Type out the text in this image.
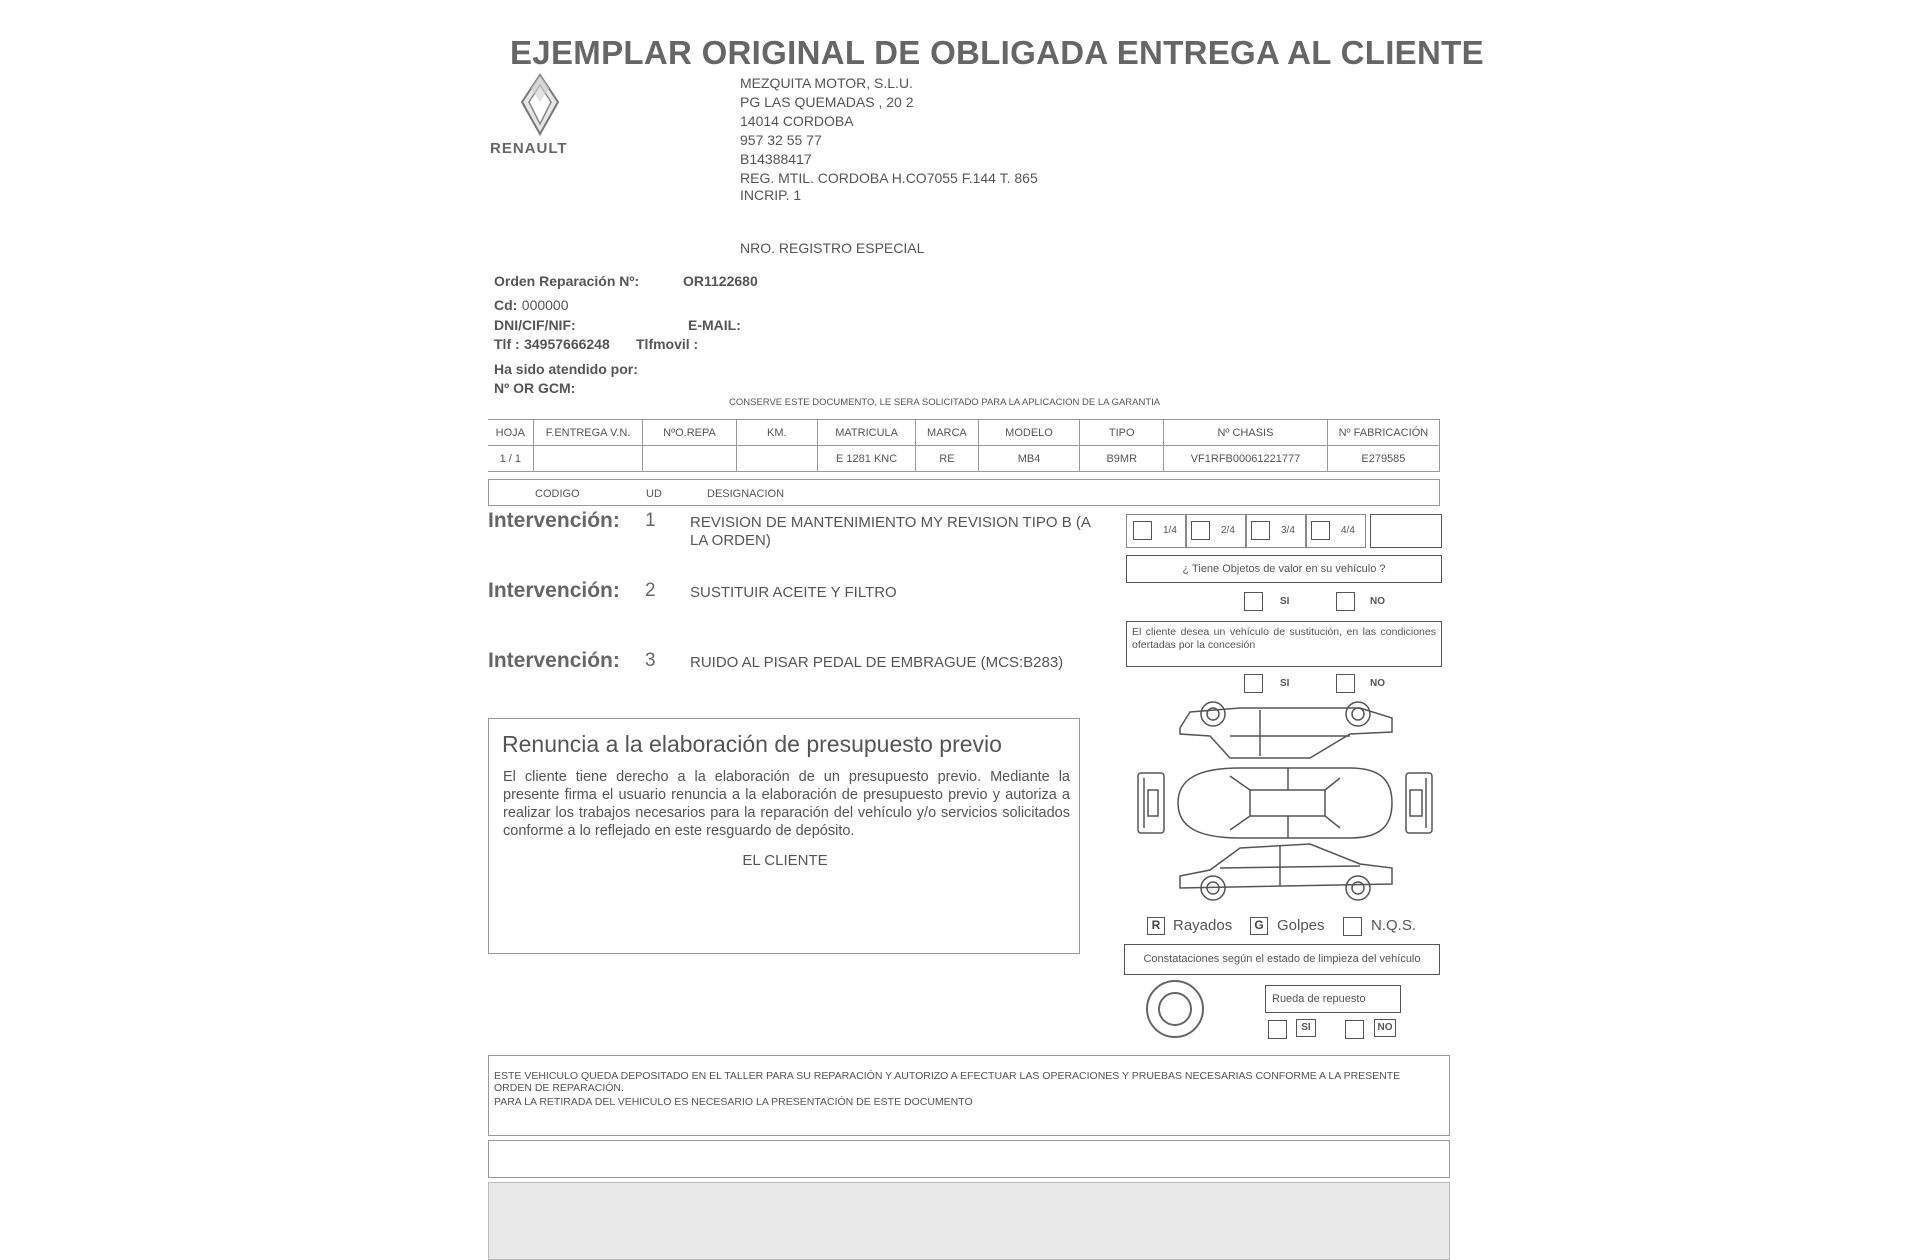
EJEMPLAR ORIGINAL DE OBLIGADA ENTREGA AL CLIENTE
RENAULT
MEZQUITA MOTOR, S.L.U.
PG LAS QUEMADAS , 20 2
14014 CORDOBA
957 32 55 77
B14388417
REG. MTIL. CORDOBA H.CO7055 F.144 T. 865
INCRIP. 1
NRO. REGISTRO ESPECIAL
Orden Reparación Nº:	OR1122680
Cd: 000000
DNI/CIF/NIF:	E-MAIL:
Tlf : 34957666248 Tlfmovil :
Ha sido atendido por:
Nº OR GCM:
CONSERVE ESTE DOCUMENTO, LE SERA SOLICITADO PARA LA APLICACION DE LA GARANTIA
HOJA	F.ENTREGA V.N.	NºO.REPA	KM.	MATRICULA	MARCA	MODELO	TIPO	Nº CHASIS	Nº FABRICACIÓN
1 / 1				E 1281 KNC	RE	MB4	B9MR	VF1RFB00061221777	E279585
CODIGO	UD	DESIGNACION
Intervención: 1 REVISION DE MANTENIMIENTO MY REVISION TIPO B (A LA ORDEN)
Intervención: 2 SUSTITUIR ACEITE Y FILTRO
Intervención: 3 RUIDO AL PISAR PEDAL DE EMBRAGUE (MCS:B283)
1/4	2/4	3/4	4/4
¿ Tiene Objetos de valor en su vehículo ?
SI	NO
El cliente desea un vehículo de sustitución, en las condiciones ofertadas por la concesión
SI	NO
R Rayados	G Golpes	N.Q.S.
Constataciones según el estado de limpieza del vehículo
Rueda de repuesto
SI	NO
Renuncia a la elaboración de presupuesto previo
El cliente tiene derecho a la elaboración de un presupuesto previo. Mediante la presente firma el usuario renuncia a la elaboración de presupuesto previo y autoriza a realizar los trabajos necesarios para la reparación del vehículo y/o servicios solicitados conforme a lo reflejado en este resguardo de depósito.
EL CLIENTE
ESTE VEHICULO QUEDA DEPOSITADO EN EL TALLER PARA SU REPARACIÓN Y AUTORIZO A EFECTUAR LAS OPERACIONES Y PRUEBAS NECESARIAS CONFORME A LA PRESENTE ORDEN DE REPARACIÓN.
PARA LA RETIRADA DEL VEHICULO ES NECESARIO LA PRESENTACIÓN DE ESTE DOCUMENTO
